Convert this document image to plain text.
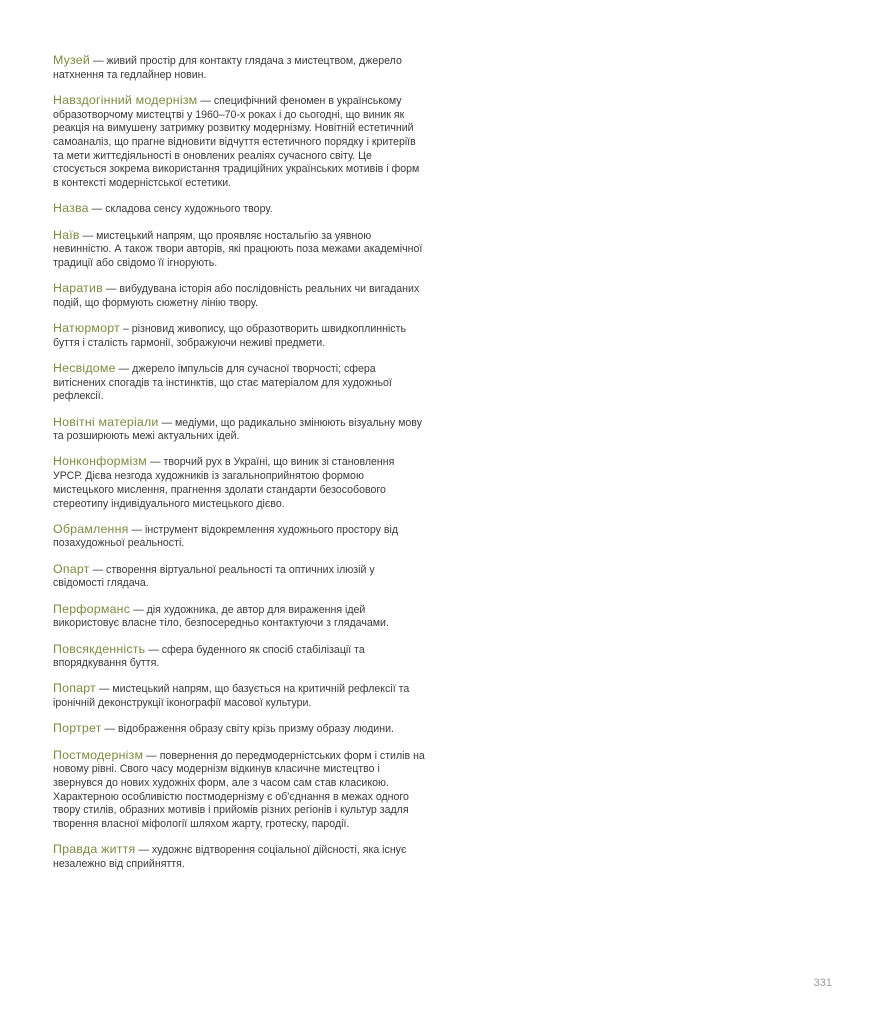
Музей — живий простір для контакту глядача з мистецтвом, джерело натхнення та гедлайнер новин.

Навздогінний модернізм — специфічний феномен в українському образотворчому мистецтві у 1960–70-х роках і до сьогодні, що виник як реакція на вимушену затримку розвитку модернізму. Новітній естетичний самоаналіз, що прагне відновити відчуття естетичного порядку і критеріїв та мети життєдіяльності в оновлених реаліях сучасного світу. Це стосується зокрема використання традиційних українських мотивів і форм в контексті модерністської естетики.

Назва — складова сенсу художнього твору.

Наїв — мистецький напрям, що проявляє ностальгію за уявною невинністю. А також твори авторів, які працюють поза межами академічної традиції або свідомо її ігнорують.

Наратив — вибудувана історія або послідовність реальних чи вигаданих подій, що формують сюжетну лінію твору.

Натюрморт – різновид живопису, що образотворить швидкоплинність буття і сталість гармонії, зображуючи неживі предмети.

Несвідоме — джерело імпульсів для сучасної творчості; сфера витіснених спогадів та інстинктів, що стає матеріалом для художньої рефлексії.

Новітні матеріали — медіуми, що радикально змінюють візуальну мову та розширюють межі актуальних ідей.

Нонконформізм — творчий рух в Україні, що виник зі становлення УРСР. Дієва незгода художників із загальноприйнятою формою мистецького мислення, прагнення здолати стандарти безособового стереотипу індивідуального мистецького дієво.

Обрамлення — інструмент відокремлення художнього простору від позахудожньої реальності.

Опарт — створення віртуальної реальності та оптичних ілюзій у свідомості глядача.

Перформанс — дія художника, де автор для вираження ідей використовує власне тіло, безпосередньо контактуючи з глядачами.

Повсякденність — сфера буденного як спосіб стабілізації та впорядкування буття.

Попарт — мистецький напрям, що базується на критичній рефлексії та іронічній деконструкції іконографії масової культури.

Портрет — відображення образу світу крізь призму образу людини.

Постмодернізм — повернення до передмодерністських форм і стилів на новому рівні. Свого часу модернізм відкинув класичне мистецтво і звернувся до нових художніх форм, але з часом сам став класикою. Характерною особливістю постмодернізму є об'єднання в межах одного твору стилів, образних мотивів і прийомів різних регіонів і культур задля творення власної міфології шляхом жарту, гротеску, пародії.

Правда життя — художнє відтворення соціальної дійсності, яка існує незалежно від сприйняття.

331
